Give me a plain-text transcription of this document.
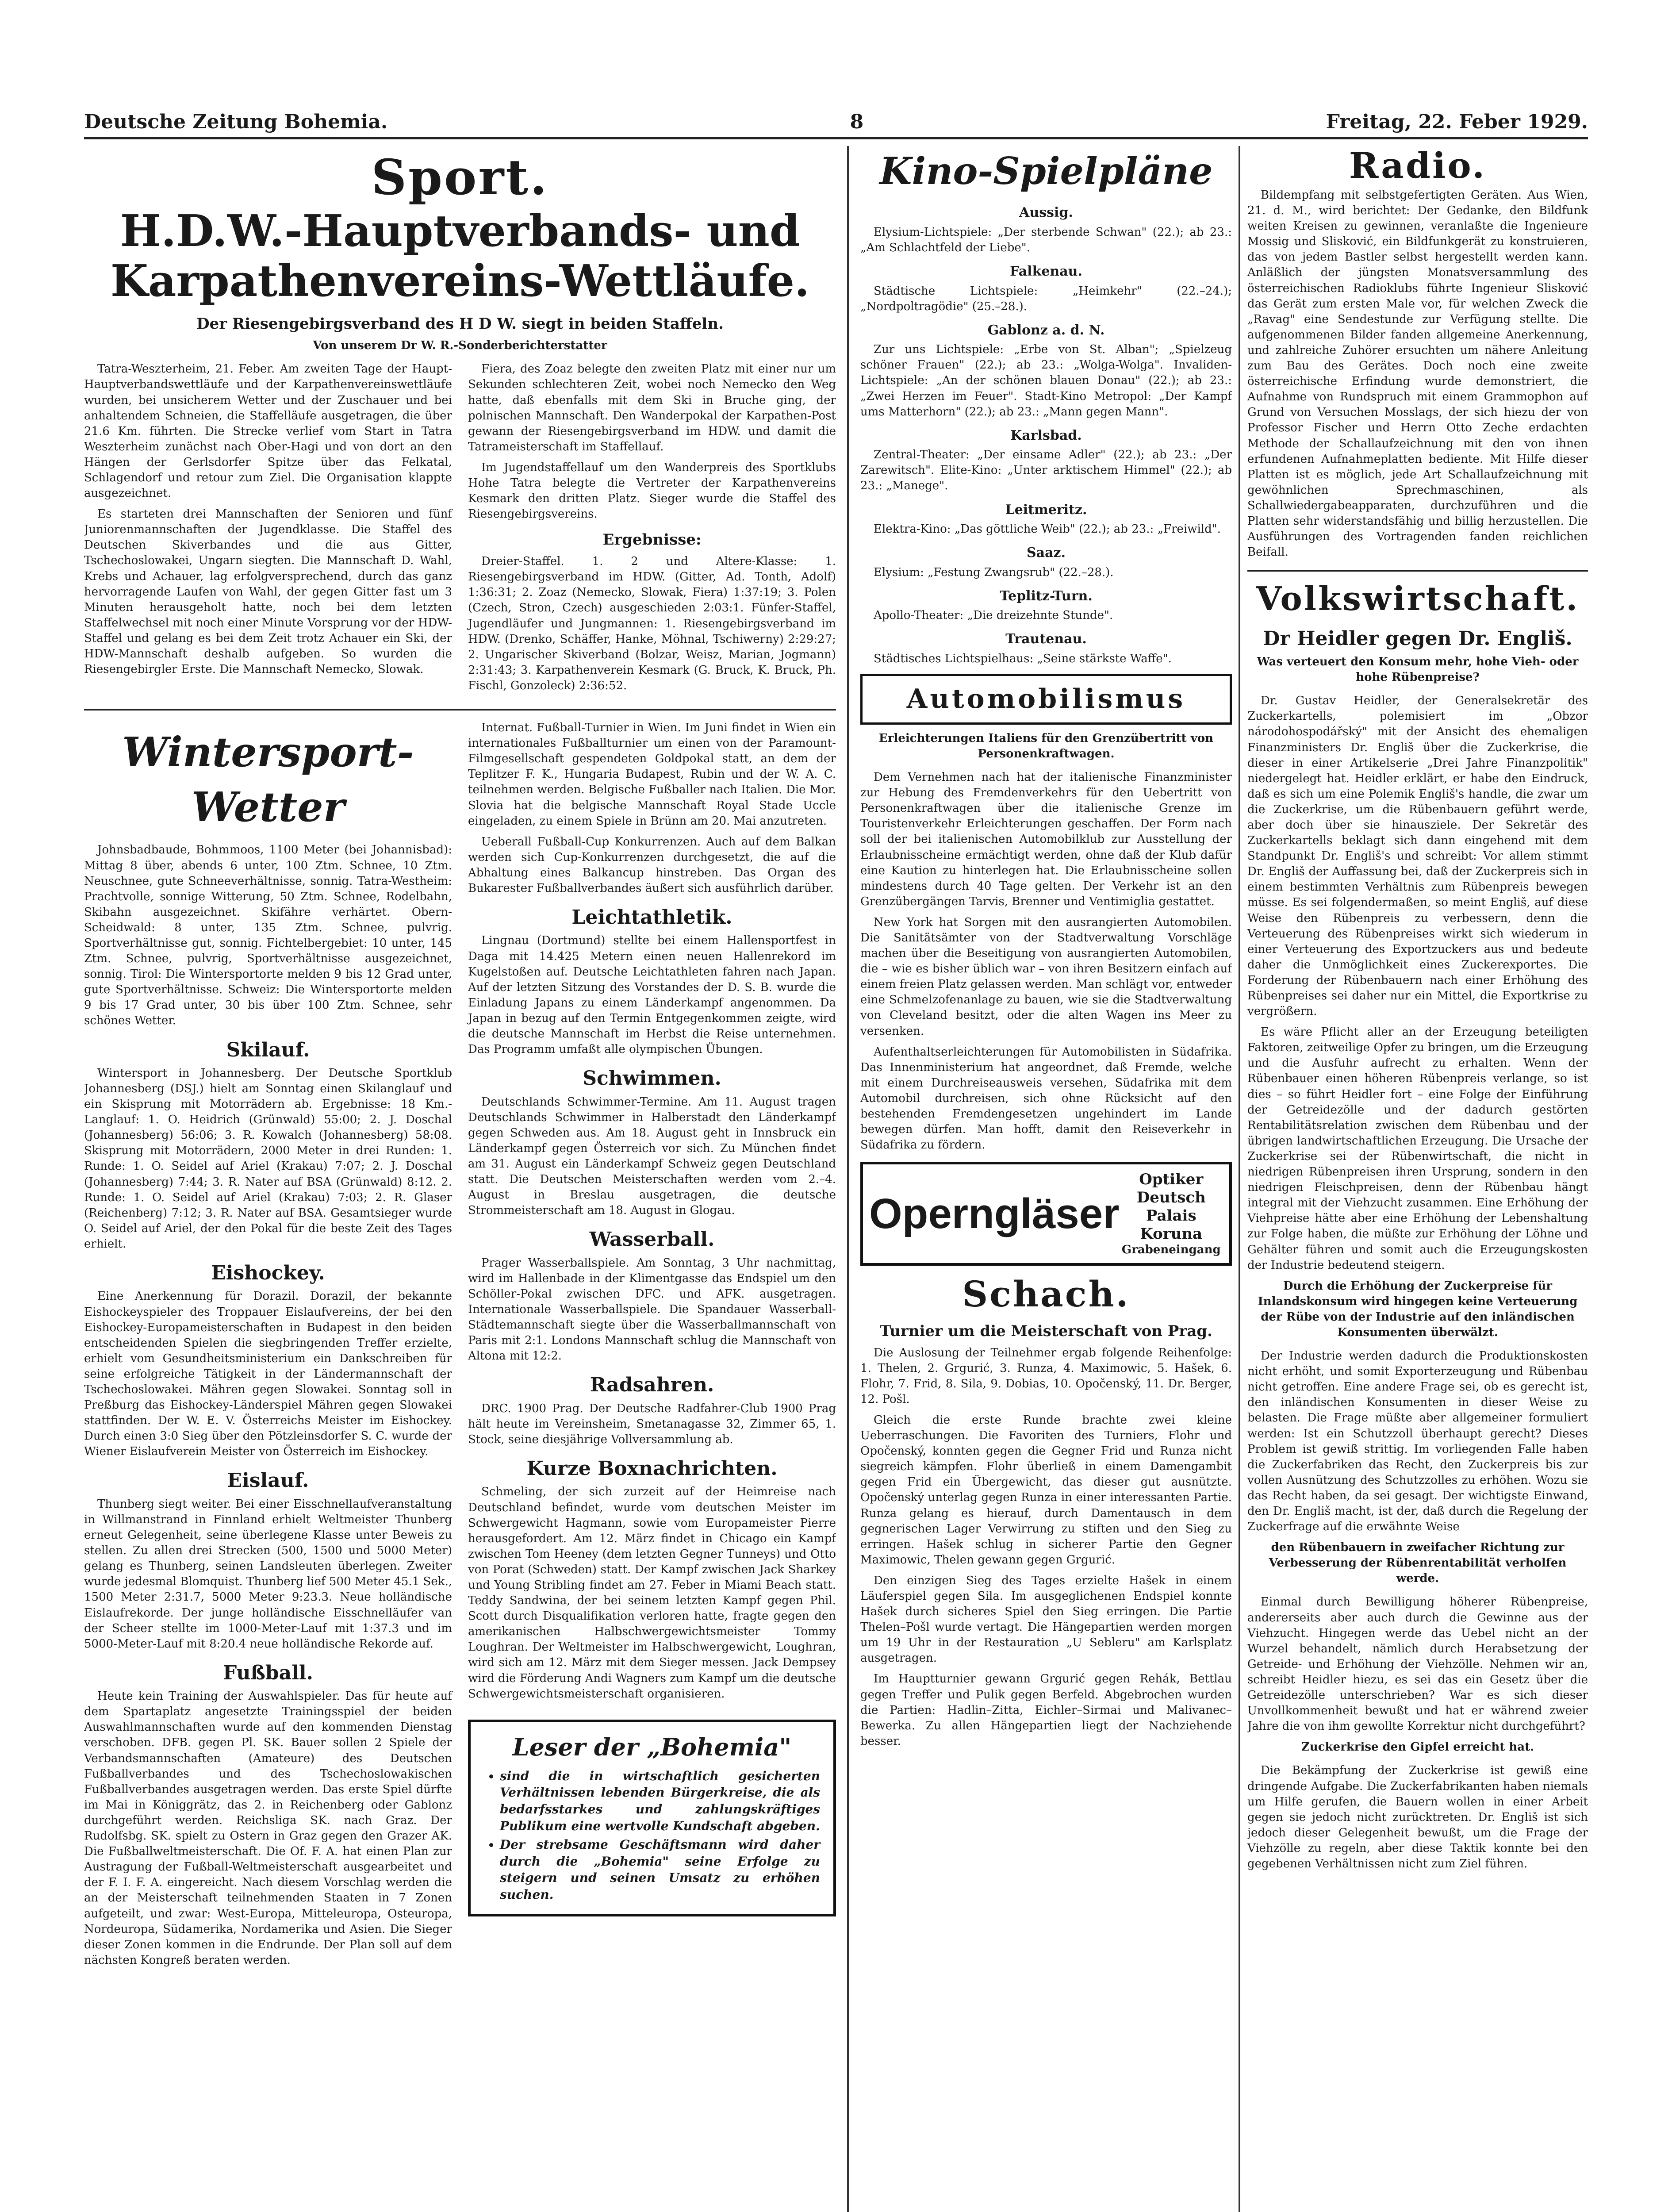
Deutsche Zeitung Bohemia.	8	Freitag, 22. Feber 1929.
Sport.
H.D.W.-Hauptverbands- und Karpathenvereins-Wettläufe.
Der Riesengebirgsverband des H D W. siegt in beiden Staffeln.
Von unserem Dr W. R.-Sonderberichterstatter

Tatra-Weszterheim, 21. Feber. Am zweiten Tage der Haupt-Hauptverbandswettläufe und der Karpathenvereinswettläufe wurden, bei unsicherem Wetter und der Zuschauer und bei anhaltendem Schneien, die Staffelläufe ausgetragen, die über 21.6 Km. führten. Die Strecke verlief vom Start in Tatra Weszterheim zunächst nach Ober-Hagi und von dort an den Hängen der Gerlsdorfer Spitze über das Felkatal, Schlagendorf und retour zum Ziel. Die Organisation klappte ausgezeichnet.

Es starteten drei Mannschaften der Senioren und fünf Juniorenmannschaften der Jugendklasse. Die Staffel des Deutschen Skiverbandes und die aus Gitter, Tschechoslowakei, Ungarn siegten. Die Mannschaft D. Wahl, Krebs und Achauer, lag erfolgversprechend, durch das ganz hervorragende Laufen von Wahl, der gegen Gitter fast um 3 Minuten herausgeholt hatte, noch bei dem letzten Staffelwechsel mit noch einer Minute Vorsprung vor der HDW-Staffel und gelang es bei dem Zeit trotz Achauer ein Ski, der HDW-Mannschaft deshalb aufgeben. So wurden die Riesengebirgler Erste. Die Mannschaft Nemecko, Slowak.

Fiera, des Zoaz belegte den zweiten Platz mit einer nur um Sekunden schlechteren Zeit, wobei noch Nemecko den Weg hatte, daß ebenfalls mit dem Ski in Bruche ging, der polnischen Mannschaft. Den Wanderpokal der Karpathen-Post gewann der Riesengebirgsverband im HDW. und damit die Tatrameisterschaft im Staffellauf.

Im Jugendstaffellauf um den Wanderpreis des Sportklubs Hohe Tatra belegte die Vertreter der Karpathenvereins Kesmark den dritten Platz. Sieger wurde die Staffel des Riesengebirgsvereins.

Ergebnisse:

Dreier-Staffel. 1. 2 und Altere-Klasse: 1. Riesengebirgsverband im HDW. (Gitter, Ad. Tonth, Adolf) 1:36:31; 2. Zoaz (Nemecko, Slowak, Fiera) 1:37:19; 3. Polen (Czech, Stron, Czech) ausgeschieden 2:03:1. Fünfer-Staffel, Jugendläufer und Jungmannen: 1. Riesengebirgsverband im HDW. (Drenko, Schäffer, Hanke, Möhnal, Tschiwerny) 2:29:27; 2. Ungarischer Skiverband (Bolzar, Weisz, Marian, Jogmann) 2:31:43; 3. Karpathenverein Kesmark (G. Bruck, K. Bruck, Ph. Fischl, Gonzoleck) 2:36:52.

Wintersport-Wetter

Johnsbadbaude, Bohmmoos, 1100 Meter (bei Johannisbad): Mittag 8 über, abends 6 unter, 100 Ztm. Schnee, 10 Ztm. Neuschnee, gute Schneeverhältnisse, sonnig. Tatra-Westheim: Prachtvolle, sonnige Witterung, 50 Ztm. Schnee, Rodelbahn, Skibahn ausgezeichnet. Skifähre verhärtet. Obern-Scheidwald: 8 unter, 135 Ztm. Schnee, pulvrig. Sportverhältnisse gut, sonnig. Fichtelbergebiet: 10 unter, 145 Ztm. Schnee, pulvrig, Sportverhältnisse ausgezeichnet, sonnig. Tirol: Die Wintersportorte melden 9 bis 12 Grad unter, gute Sportverhältnisse. Schweiz: Die Wintersportorte melden 9 bis 17 Grad unter, 30 bis über 100 Ztm. Schnee, sehr schönes Wetter.

Skilauf.

Wintersport in Johannesberg. Der Deutsche Sportklub Johannesberg (DSJ.) hielt am Sonntag einen Skilanglauf und ein Skisprung mit Motorrädern ab. Ergebnisse: 18 Km.-Langlauf: 1. O. Heidrich (Grünwald) 55:00; 2. J. Doschal (Johannesberg) 56:06; 3. R. Kowalch (Johannesberg) 58:08. Skisprung mit Motorrädern, 2000 Meter in drei Runden: 1. Runde: 1. O. Seidel auf Ariel (Krakau) 7:07; 2. J. Doschal (Johannesberg) 7:44; 3. R. Nater auf BSA (Grünwald) 8:12. 2. Runde: 1. O. Seidel auf Ariel (Krakau) 7:03; 2. R. Glaser (Reichenberg) 7:12; 3. R. Nater auf BSA. Gesamtsieger wurde O. Seidel auf Ariel, der den Pokal für die beste Zeit des Tages erhielt.

Eishockey.

Eine Anerkennung für Dorazil. Dorazil, der bekannte Eishockeyspieler des Troppauer Eislaufvereins, der bei den Eishockey-Europameisterschaften in Budapest in den beiden entscheidenden Spielen die siegbringenden Treffer erzielte, erhielt vom Gesundheitsministerium ein Dankschreiben für seine erfolgreiche Tätigkeit in der Ländermannschaft der Tschechoslowakei. Mähren gegen Slowakei. Sonntag soll in Preßburg das Eishockey-Länderspiel Mähren gegen Slowakei stattfinden. Der W. E. V. Österreichs Meister im Eishockey. Durch einen 3:0 Sieg über den Pötzleinsdorfer S. C. wurde der Wiener Eislaufverein Meister von Österreich im Eishockey.

Eislauf.

Thunberg siegt weiter. Bei einer Eisschnellaufveranstaltung in Willmanstrand in Finnland erhielt Weltmeister Thunberg erneut Gelegenheit, seine überlegene Klasse unter Beweis zu stellen. Zu allen drei Strecken (500, 1500 und 5000 Meter) gelang es Thunberg, seinen Landsleuten überlegen. Zweiter wurde jedesmal Blomquist. Thunberg lief 500 Meter 45.1 Sek., 1500 Meter 2:31.7, 5000 Meter 9:23.3. Neue holländische Eislaufrekorde. Der junge holländische Eisschnelläufer van der Scheer stellte im 1000-Meter-Lauf mit 1:37.3 und im 5000-Meter-Lauf mit 8:20.4 neue holländische Rekorde auf.

Fußball.

Heute kein Training der Auswahlspieler. Das für heute auf dem Spartaplatz angesetzte Trainingsspiel der beiden Auswahlmannschaften wurde auf den kommenden Dienstag verschoben. DFB. gegen Pl. SK. Bauer sollen 2 Spiele der Verbandsmannschaften (Amateure) des Deutschen Fußballverbandes und des Tschechoslowakischen Fußballverbandes ausgetragen werden. Das erste Spiel dürfte im Mai in Königgrätz, das 2. in Reichenberg oder Gablonz durchgeführt werden. Reichsliga SK. nach Graz. Der Rudolfsbg. SK. spielt zu Ostern in Graz gegen den Grazer AK. Die Fußballweltmeisterschaft. Die Of. F. A. hat einen Plan zur Austragung der Fußball-Weltmeisterschaft ausgearbeitet und der F. I. F. A. eingereicht. Nach diesem Vorschlag werden die an der Meisterschaft teilnehmenden Staaten in 7 Zonen aufgeteilt, und zwar: West-Europa, Mitteleuropa, Osteuropa, Nordeuropa, Südamerika, Nordamerika und Asien. Die Sieger dieser Zonen kommen in die Endrunde. Der Plan soll auf dem nächsten Kongreß beraten werden.

Internat. Fußball-Turnier in Wien. Im Juni findet in Wien ein internationales Fußballturnier um einen von der Paramount-Filmgesellschaft gespendeten Goldpokal statt, an dem der Teplitzer F. K., Hungaria Budapest, Rubin und der W. A. C. teilnehmen werden. Belgische Fußballer nach Italien. Die Mor. Slovia hat die belgische Mannschaft Royal Stade Uccle eingeladen, zu einem Spiele in Brünn am 20. Mai anzutreten.

Ueberall Fußball-Cup Konkurrenzen. Auch auf dem Balkan werden sich Cup-Konkurrenzen durchgesetzt, die auf die Abhaltung eines Balkancup hinstreben. Das Organ des Bukarester Fußballverbandes äußert sich ausführlich darüber.

Leichtathletik.

Lingnau (Dortmund) stellte bei einem Hallensportfest in Daga mit 14.425 Metern einen neuen Hallenrekord im Kugelstoßen auf. Deutsche Leichtathleten fahren nach Japan. Auf der letzten Sitzung des Vorstandes der D. S. B. wurde die Einladung Japans zu einem Länderkampf angenommen. Da Japan in bezug auf den Termin Entgegenkommen zeigte, wird die deutsche Mannschaft im Herbst die Reise unternehmen. Das Programm umfaßt alle olympischen Übungen.

Schwimmen.

Deutschlands Schwimmer-Termine. Am 11. August tragen Deutschlands Schwimmer in Halberstadt den Länderkampf gegen Schweden aus. Am 18. August geht in Innsbruck ein Länderkampf gegen Österreich vor sich. Zu München findet am 31. August ein Länderkampf Schweiz gegen Deutschland statt. Die Deutschen Meisterschaften werden vom 2.–4. August in Breslau ausgetragen, die deutsche Strommeisterschaft am 18. August in Glogau.

Wasserball.

Prager Wasserballspiele. Am Sonntag, 3 Uhr nachmittag, wird im Hallenbade in der Klimentgasse das Endspiel um den Schöller-Pokal zwischen DFC. und AFK. ausgetragen. Internationale Wasserballspiele. Die Spandauer Wasserball-Städtemannschaft siegte über die Wasserballmannschaft von Paris mit 2:1. Londons Mannschaft schlug die Mannschaft von Altona mit 12:2.

Radsahren.

DRC. 1900 Prag. Der Deutsche Radfahrer-Club 1900 Prag hält heute im Vereinsheim, Smetanagasse 32, Zimmer 65, 1. Stock, seine diesjährige Vollversammlung ab.

Kurze Boxnachrichten.

Schmeling, der sich zurzeit auf der Heimreise nach Deutschland befindet, wurde vom deutschen Meister im Schwergewicht Hagmann, sowie vom Europameister Pierre herausgefordert. Am 12. März findet in Chicago ein Kampf zwischen Tom Heeney (dem letzten Gegner Tunneys) und Otto von Porat (Schweden) statt. Der Kampf zwischen Jack Sharkey und Young Stribling findet am 27. Feber in Miami Beach statt. Teddy Sandwina, der bei seinem letzten Kampf gegen Phil. Scott durch Disqualifikation verloren hatte, fragte gegen den amerikanischen Halbschwergewichtsmeister Tommy Loughran. Der Weltmeister im Halbschwergewicht, Loughran, wird sich am 12. März mit dem Sieger messen. Jack Dempsey wird die Förderung Andi Wagners zum Kampf um die deutsche Schwergewichtsmeisterschaft organisieren.

Leser der „Bohemia"
• sind die in wirtschaftlich gesicherten Verhältnissen lebenden Bürgerkreise, die als bedarfsstarkes und zahlungskräftiges Publikum eine wertvolle Kundschaft abgeben.
• Der strebsame Geschäftsmann wird daher durch die „Bohemia" seine Erfolge zu steigern und seinen Umsatz zu erhöhen suchen.
Kino-Spielpläne
Aussig.

Elysium-Lichtspiele: „Der sterbende Schwan" (22.); ab 23.: „Am Schlachtfeld der Liebe".

Falkenau.

Städtische Lichtspiele: „Heimkehr" (22.–24.); „Nordpoltragödie" (25.–28.).

Gablonz a. d. N.

Zur uns Lichtspiele: „Erbe von St. Alban"; „Spielzeug schöner Frauen" (22.); ab 23.: „Wolga-Wolga". Invaliden-Lichtspiele: „An der schönen blauen Donau" (22.); ab 23.: „Zwei Herzen im Feuer". Stadt-Kino Metropol: „Der Kampf ums Matterhorn" (22.); ab 23.: „Mann gegen Mann".

Karlsbad.

Zentral-Theater: „Der einsame Adler" (22.); ab 23.: „Der Zarewitsch". Elite-Kino: „Unter arktischem Himmel" (22.); ab 23.: „Manege".

Leitmeritz.

Elektra-Kino: „Das göttliche Weib" (22.); ab 23.: „Freiwild".

Saaz.

Elysium: „Festung Zwangsrub" (22.–28.).

Teplitz-Turn.

Apollo-Theater: „Die dreizehnte Stunde".

Trautenau.

Städtisches Lichtspielhaus: „Seine stärkste Waffe".

Automobilismus
Erleichterungen Italiens für den Grenzübertritt von Personenkraftwagen.

Dem Vernehmen nach hat der italienische Finanzminister zur Hebung des Fremdenverkehrs für den Uebertritt von Personenkraftwagen über die italienische Grenze im Touristenverkehr Erleichterungen geschaffen. Der Form nach soll der bei italienischen Automobilklub zur Ausstellung der Erlaubnisscheine ermächtigt werden, ohne daß der Klub dafür eine Kaution zu hinterlegen hat. Die Erlaubnisscheine sollen mindestens durch 40 Tage gelten. Der Verkehr ist an den Grenzübergängen Tarvis, Brenner und Ventimiglia gestattet.

New York hat Sorgen mit den ausrangierten Automobilen. Die Sanitätsämter von der Stadtverwaltung Vorschläge machen über die Beseitigung von ausrangierten Automobilen, die – wie es bisher üblich war – von ihren Besitzern einfach auf einem freien Platz gelassen werden. Man schlägt vor, entweder eine Schmelzofenanlage zu bauen, wie sie die Stadtverwaltung von Cleveland besitzt, oder die alten Wagen ins Meer zu versenken.

Aufenthaltserleichterungen für Automobilisten in Südafrika. Das Innenministerium hat angeordnet, daß Fremde, welche mit einem Durchreiseausweis versehen, Südafrika mit dem Automobil durchreisen, sich ohne Rücksicht auf den bestehenden Fremdengesetzen ungehindert im Lande bewegen dürfen. Man hofft, damit den Reiseverkehr in Südafrika zu fördern.

Operngläser
Optiker Deutsch
Palais Koruna
Grabeneingang
Schach.
Turnier um die Meisterschaft von Prag.

Die Auslosung der Teilnehmer ergab folgende Reihenfolge: 1. Thelen, 2. Grgurić, 3. Runza, 4. Maximowic, 5. Hašek, 6. Flohr, 7. Frid, 8. Sila, 9. Dobias, 10. Opočenský, 11. Dr. Berger, 12. Pošl.

Gleich die erste Runde brachte zwei kleine Ueberraschungen. Die Favoriten des Turniers, Flohr und Opočenský, konnten gegen die Gegner Frid und Runza nicht siegreich kämpfen. Flohr überließ in einem Damengambit gegen Frid ein Übergewicht, das dieser gut ausnützte. Opočenský unterlag gegen Runza in einer interessanten Partie. Runza gelang es hierauf, durch Damentausch in dem gegnerischen Lager Verwirrung zu stiften und den Sieg zu erringen. Hašek schlug in sicherer Partie den Gegner Maximowic, Thelen gewann gegen Grgurić.

Den einzigen Sieg des Tages erzielte Hašek in einem Läuferspiel gegen Sila. Im ausgeglichenen Endspiel konnte Hašek durch sicheres Spiel den Sieg erringen. Die Partie Thelen–Pošl wurde vertagt. Die Hängepartien werden morgen um 19 Uhr in der Restauration „U Sebleru" am Karlsplatz ausgetragen.

Im Hauptturnier gewann Grgurić gegen Rehák, Bettlau gegen Treffer und Pulik gegen Berfeld. Abgebrochen wurden die Partien: Hadlin–Zitta, Eichler–Sirmai und Malivanec–Bewerka. Zu allen Hängepartien liegt der Nachziehende besser.

Radio.

Bildempfang mit selbstgefertigten Geräten. Aus Wien, 21. d. M., wird berichtet: Der Gedanke, den Bildfunk weiten Kreisen zu gewinnen, veranlaßte die Ingenieure Mossig und Slisković, ein Bildfunkgerät zu konstruieren, das von jedem Bastler selbst hergestellt werden kann. Anläßlich der jüngsten Monatsversammlung des österreichischen Radioklubs führte Ingenieur Slisković das Gerät zum ersten Male vor, für welchen Zweck die „Ravag" eine Sendestunde zur Verfügung stellte. Die aufgenommenen Bilder fanden allgemeine Anerkennung, und zahlreiche Zuhörer ersuchten um nähere Anleitung zum Bau des Gerätes. Doch noch eine zweite österreichische Erfindung wurde demonstriert, die Aufnahme von Rundspruch mit einem Grammophon auf Grund von Versuchen Mosslags, der sich hiezu der von Professor Fischer und Herrn Otto Zeche erdachten Methode der Schallaufzeichnung mit den von ihnen erfundenen Aufnahmeplatten bediente. Mit Hilfe dieser Platten ist es möglich, jede Art Schallaufzeichnung mit gewöhnlichen Sprechmaschinen, als Schallwiedergabeapparaten, durchzuführen und die Platten sehr widerstandsfähig und billig herzustellen. Die Ausführungen des Vortragenden fanden reichlichen Beifall.

Volkswirtschaft.
Dr Heidler gegen Dr. Engliš.
Was verteuert den Konsum mehr, hohe Vieh- oder hohe Rübenpreise?

Dr. Gustav Heidler, der Generalsekretär des Zuckerkartells, polemisiert im „Obzor národohospodářský" mit der Ansicht des ehemaligen Finanzministers Dr. Engliš über die Zuckerkrise, die dieser in einer Artikelserie „Drei Jahre Finanzpolitik" niedergelegt hat. Heidler erklärt, er habe den Eindruck, daß es sich um eine Polemik Engliš's handle, die zwar um die Zuckerkrise, um die Rübenbauern geführt werde, aber doch über sie hinausziele. Der Sekretär des Zuckerkartells beklagt sich dann eingehend mit dem Standpunkt Dr. Engliš's und schreibt: Vor allem stimmt Dr. Engliš der Auffassung bei, daß der Zuckerpreis sich in einem bestimmten Verhältnis zum Rübenpreis bewegen müsse. Es sei folgendermaßen, so meint Engliš, auf diese Weise den Rübenpreis zu verbessern, denn die Verteuerung des Rübenpreises wirkt sich wiederum in einer Verteuerung des Exportzuckers aus und bedeute daher die Unmöglichkeit eines Zuckerexportes. Die Forderung der Rübenbauern nach einer Erhöhung des Rübenpreises sei daher nur ein Mittel, die Exportkrise zu vergrößern.

Es wäre Pflicht aller an der Erzeugung beteiligten Faktoren, zeitweilige Opfer zu bringen, um die Erzeugung und die Ausfuhr aufrecht zu erhalten. Wenn der Rübenbauer einen höheren Rübenpreis verlange, so ist dies – so führt Heidler fort – eine Folge der Einführung der Getreidezölle und der dadurch gestörten Rentabilitätsrelation zwischen dem Rübenbau und der übrigen landwirtschaftlichen Erzeugung. Die Ursache der Zuckerkrise sei der Rübenwirtschaft, die nicht in niedrigen Rübenpreisen ihren Ursprung, sondern in den niedrigen Fleischpreisen, denn der Rübenbau hängt integral mit der Viehzucht zusammen. Eine Erhöhung der Viehpreise hätte aber eine Erhöhung der Lebenshaltung zur Folge haben, die müßte zur Erhöhung der Löhne und Gehälter führen und somit auch die Erzeugungskosten der Industrie bedeutend steigern.

Durch die Erhöhung der Zuckerpreise für Inlandskonsum wird hingegen keine Verteuerung der Rübe von der Industrie auf den inländischen Konsumenten überwälzt.

Der Industrie werden dadurch die Produktionskosten nicht erhöht, und somit Exporterzeugung und Rübenbau nicht getroffen. Eine andere Frage sei, ob es gerecht ist, den inländischen Konsumenten in dieser Weise zu belasten. Die Frage müßte aber allgemeiner formuliert werden: Ist ein Schutzzoll überhaupt gerecht? Dieses Problem ist gewiß strittig. Im vorliegenden Falle haben die Zuckerfabriken das Recht, den Zuckerpreis bis zur vollen Ausnützung des Schutzzolles zu erhöhen. Wozu sie das Recht haben, da sei gesagt. Der wichtigste Einwand, den Dr. Engliš macht, ist der, daß durch die Regelung der Zuckerfrage auf die erwähnte Weise

den Rübenbauern in zweifacher Richtung zur Verbesserung der Rübenrentabilität verholfen werde.

Einmal durch Bewilligung höherer Rübenpreise, andererseits aber auch durch die Gewinne aus der Viehzucht. Hingegen werde das Uebel nicht an der Wurzel behandelt, nämlich durch Herabsetzung der Getreide- und Erhöhung der Viehzölle. Nehmen wir an, schreibt Heidler hiezu, es sei das ein Gesetz über die Getreidezölle unterschrieben? War es sich dieser Unvollkommenheit bewußt und hat er während zweier Jahre die von ihm gewollte Korrektur nicht durchgeführt?

Zuckerkrise den Gipfel erreicht hat.

Die Bekämpfung der Zuckerkrise ist gewiß eine dringende Aufgabe. Die Zuckerfabrikanten haben niemals um Hilfe gerufen, die Bauern wollen in einer Arbeit gegen sie jedoch nicht zurücktreten. Dr. Engliš ist sich jedoch dieser Gelegenheit bewußt, um die Frage der Viehzölle zu regeln, aber diese Taktik konnte bei den gegebenen Verhältnissen nicht zum Ziel führen.
